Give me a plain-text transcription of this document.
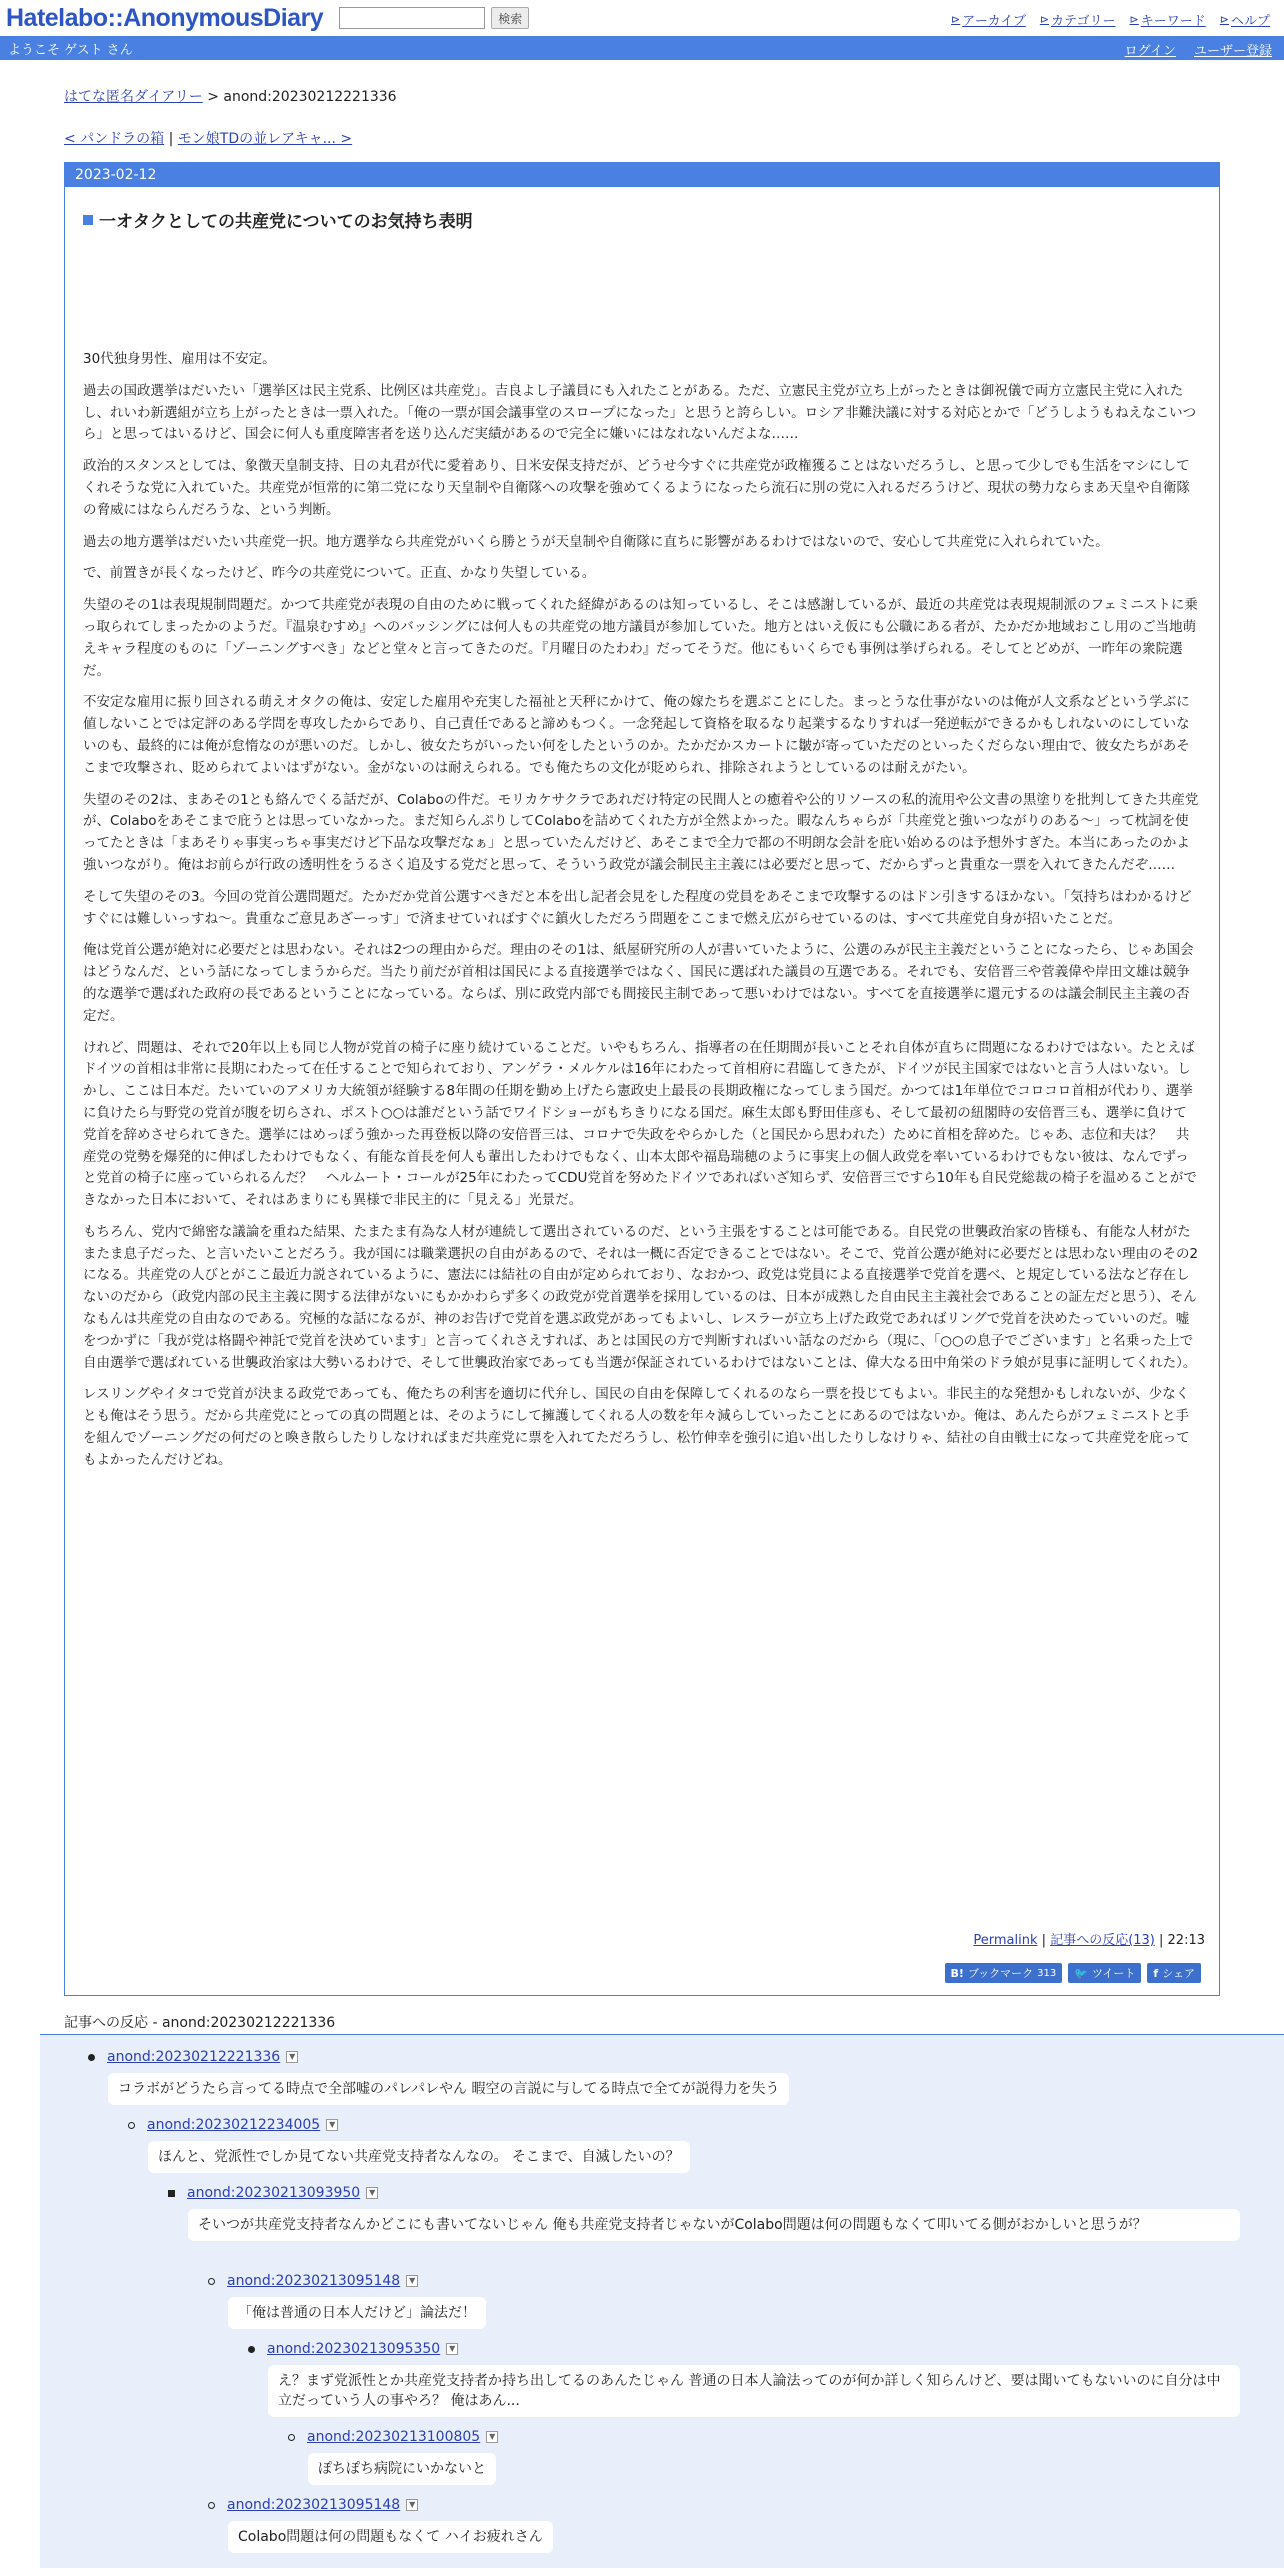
Hatelabo::AnonymousDiary	検索	⊳ アーカイブ ⊳ カテゴリー ⊳ キーワード ⊳ ヘルプ
ようこそ ゲスト さん	ログイン ユーザー登録
はてな匿名ダイアリー > anond:20230212221336
< パンドラの箱 | モン娘TDの並レアキャ... >
2023-02-12
一オタクとしての共産党についてのお気持ち表明

30代独身男性、雇用は不安定。

過去の国政選挙はだいたい「選挙区は民主党系、比例区は共産党」。吉良よし子議員にも入れたことがある。ただ、立憲民主党が立ち上がったときは御祝儀で両方立憲民主党に入れたし、れいわ新選組が立ち上がったときは一票入れた。「俺の一票が国会議事堂のスロープになった」と思うと誇らしい。ロシア非難決議に対する対応とかで「どうしようもねえなこいつら」と思ってはいるけど、国会に何人も重度障害者を送り込んだ実績があるので完全に嫌いにはなれないんだよな……

政治的スタンスとしては、象徴天皇制支持、日の丸君が代に愛着あり、日米安保支持だが、どうせ今すぐに共産党が政権獲ることはないだろうし、と思って少しでも生活をマシにしてくれそうな党に入れていた。共産党が恒常的に第二党になり天皇制や自衛隊への攻撃を強めてくるようになったら流石に別の党に入れるだろうけど、現状の勢力ならまあ天皇や自衛隊の脅威にはならんだろうな、という判断。

過去の地方選挙はだいたい共産党一択。地方選挙なら共産党がいくら勝とうが天皇制や自衛隊に直ちに影響があるわけではないので、安心して共産党に入れられていた。

で、前置きが長くなったけど、昨今の共産党について。正直、かなり失望している。

失望のその1は表現規制問題だ。かつて共産党が表現の自由のために戦ってくれた経緯があるのは知っているし、そこは感謝しているが、最近の共産党は表現規制派のフェミニストに乗っ取られてしまったかのようだ。『温泉むすめ』へのバッシングには何人もの共産党の地方議員が参加していた。地方とはいえ仮にも公職にある者が、たかだか地域おこし用のご当地萌えキャラ程度のものに「ゾーニングすべき」などと堂々と言ってきたのだ。『月曜日のたわわ』だってそうだ。他にもいくらでも事例は挙げられる。そしてとどめが、一昨年の衆院選だ。

不安定な雇用に振り回される萌えオタクの俺は、安定した雇用や充実した福祉と天秤にかけて、俺の嫁たちを選ぶことにした。まっとうな仕事がないのは俺が人文系などという学ぶに値しないことでは定評のある学問を専攻したからであり、自己責任であると諦めもつく。一念発起して資格を取るなり起業するなりすれば一発逆転ができるかもしれないのにしていないのも、最終的には俺が怠惰なのが悪いのだ。しかし、彼女たちがいったい何をしたというのか。たかだかスカートに皺が寄っていただのといったくだらない理由で、彼女たちがあそこまで攻撃され、貶められてよいはずがない。金がないのは耐えられる。でも俺たちの文化が貶められ、排除されようとしているのは耐えがたい。

失望のその2は、まあその1とも絡んでくる話だが、Colaboの件だ。モリカケサクラであれだけ特定の民間人との癒着や公的リソースの私的流用や公文書の黒塗りを批判してきた共産党が、Colaboをあそこまで庇うとは思っていなかった。まだ知らんぷりしてColaboを詰めてくれた方が全然よかった。暇なんちゃらが「共産党と強いつながりのある～」って枕詞を使ってたときは「まあそりゃ事実っちゃ事実だけど下品な攻撃だなぁ」と思っていたんだけど、あそこまで全力で都の不明朗な会計を庇い始めるのは予想外すぎた。本当にあったのかよ強いつながり。俺はお前らが行政の透明性をうるさく追及する党だと思って、そういう政党が議会制民主主義には必要だと思って、だからずっと貴重な一票を入れてきたんだぞ……

そして失望のその3。今回の党首公選問題だ。たかだか党首公選すべきだと本を出し記者会見をした程度の党員をあそこまで攻撃するのはドン引きするほかない。「気持ちはわかるけどすぐには難しいっすね～。貴重なご意見あざーっす」で済ませていればすぐに鎮火しただろう問題をここまで燃え広がらせているのは、すべて共産党自身が招いたことだ。

俺は党首公選が絶対に必要だとは思わない。それは2つの理由からだ。理由のその1は、紙屋研究所の人が書いていたように、公選のみが民主主義だということになったら、じゃあ国会はどうなんだ、という話になってしまうからだ。当たり前だが首相は国民による直接選挙ではなく、国民に選ばれた議員の互選である。それでも、安倍晋三や菅義偉や岸田文雄は競争的な選挙で選ばれた政府の長であるということになっている。ならば、別に政党内部でも間接民主制であって悪いわけではない。すべてを直接選挙に還元するのは議会制民主主義の否定だ。

けれど、問題は、それで20年以上も同じ人物が党首の椅子に座り続けていることだ。いやもちろん、指導者の在任期間が長いことそれ自体が直ちに問題になるわけではない。たとえばドイツの首相は非常に長期にわたって在任することで知られており、アンゲラ・メルケルは16年にわたって首相府に君臨してきたが、ドイツが民主国家ではないと言う人はいない。しかし、ここは日本だ。たいていのアメリカ大統領が経験する8年間の任期を勤め上げたら憲政史上最長の長期政権になってしまう国だ。かつては1年単位でコロコロ首相が代わり、選挙に負けたら与野党の党首が腹を切らされ、ポスト○○は誰だという話でワイドショーがもちきりになる国だ。麻生太郎も野田佳彦も、そして最初の紐閣時の安倍晋三も、選挙に負けて党首を辞めさせられてきた。選挙にはめっぽう強かった再登板以降の安倍晋三は、コロナで失政をやらかした（と国民から思われた）ために首相を辞めた。じゃあ、志位和夫は？　共産党の党勢を爆発的に伸ばしたわけでもなく、有能な首長を何人も輩出したわけでもなく、山本太郎や福島瑞穂のように事実上の個人政党を率いているわけでもない彼は、なんでずっと党首の椅子に座っていられるんだ？　ヘルムート・コールが25年にわたってCDU党首を努めたドイツであればいざ知らず、安倍晋三ですら10年も自民党総裁の椅子を温めることができなかった日本において、それはあまりにも異様で非民主的に「見える」光景だ。

もちろん、党内で綿密な議論を重ねた結果、たまたま有為な人材が連続して選出されているのだ、という主張をすることは可能である。自民党の世襲政治家の皆様も、有能な人材がたまたま息子だった、と言いたいことだろう。我が国には職業選択の自由があるので、それは一概に否定できることではない。そこで、党首公選が絶対に必要だとは思わない理由のその2になる。共産党の人びとがここ最近力説されているように、憲法には結社の自由が定められており、なおかつ、政党は党員による直接選挙で党首を選べ、と規定している法など存在しないのだから（政党内部の民主主義に関する法律がないにもかかわらず多くの政党が党首選挙を採用しているのは、日本が成熟した自由民主主義社会であることの証左だと思う）、そんなもんは共産党の自由なのである。究極的な話になるが、神のお告げで党首を選ぶ政党があってもよいし、レスラーが立ち上げた政党であればリングで党首を決めたっていいのだ。嘘をつかずに「我が党は格闘や神託で党首を決めています」と言ってくれさえすれば、あとは国民の方で判断すればいい話なのだから（現に、「○○の息子でございます」と名乗った上で自由選挙で選ばれている世襲政治家は大勢いるわけで、そして世襲政治家であっても当選が保証されているわけではないことは、偉大なる田中角栄のドラ娘が見事に証明してくれた）。

レスリングやイタコで党首が決まる政党であっても、俺たちの利害を適切に代弁し、国民の自由を保障してくれるのなら一票を投じてもよい。非民主的な発想かもしれないが、少なくとも俺はそう思う。だから共産党にとっての真の問題とは、そのようにして擁護してくれる人の数を年々減らしていったことにあるのではないか。俺は、あんたらがフェミニストと手を組んでゾーニングだの何だのと喚き散らしたりしなければまだ共産党に票を入れてただろうし、松竹伸幸を強引に追い出したりしなけりゃ、結社の自由戦士になって共産党を庇ってもよかったんだけどね。

Permalink | 記事への反応(13) | 22:13
B! ブックマーク 313 🐦 ツイート f シェア
記事への反応 - anond:20230212221336
anond:20230212221336	▼
コラボがどうたら言ってる時点で全部嘘のパレパレやん 暇空の言説に与してる時点で全てが説得力を失う
anond:20230212234005	▼
ほんと、党派性でしか見てない共産党支持者なんなの。 そこまで、自滅したいの？
anond:20230213093950	▼
そいつが共産党支持者なんかどこにも書いてないじゃん 俺も共産党支持者じゃないがColabo問題は何の問題もなくて叩いてる側がおかしいと思うが？
anond:20230213095148	▼
「俺は普通の日本人だけど」論法だ！
anond:20230213095350	▼
え？まず党派性とか共産党支持者か持ち出してるのあんたじゃん 普通の日本人論法ってのが何か詳しく知らんけど、要は聞いてもないいのに自分は中立だっていう人の事やろ？ 俺はあん...
anond:20230213100805	▼
ぽちぽち病院にいかないと
anond:20230213095148	▼
Colabo問題は何の問題もなくて ハイお疲れさん
